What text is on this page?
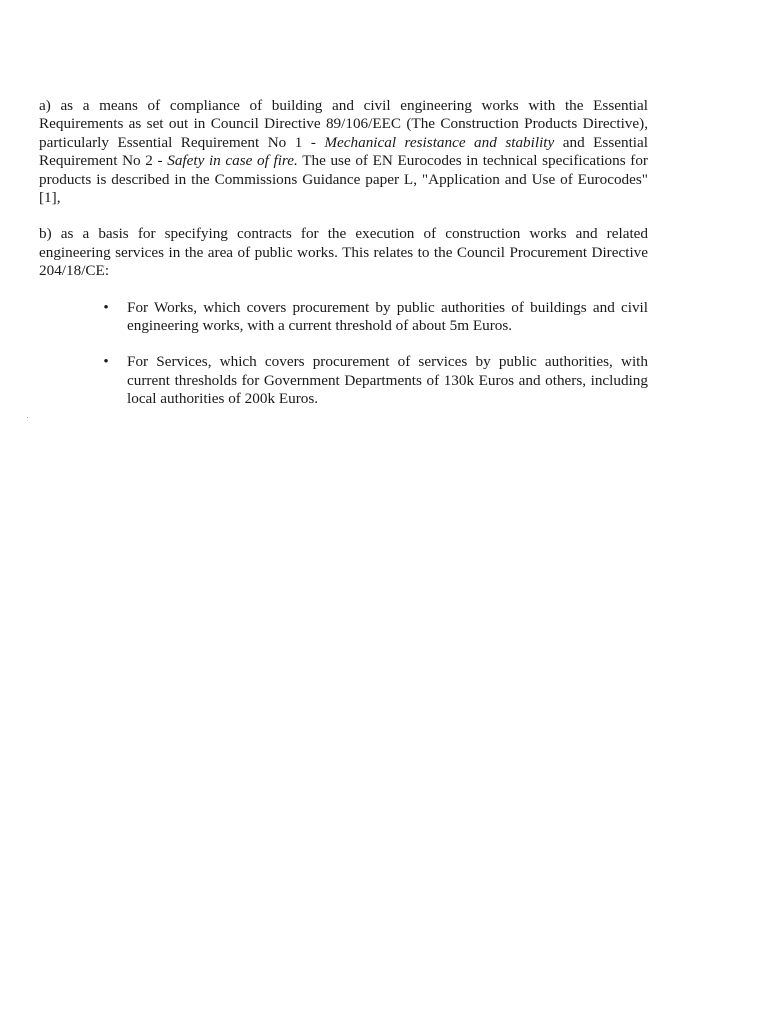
a) as a means of compliance of building and civil engineering works with the Essential Requirements as set out in Council Directive 89/106/EEC (The Construction Products Directive), particularly Essential Requirement No 1 - Mechanical resistance and stability and Essential Requirement No 2 - Safety in case of fire. The use of EN Eurocodes in technical specifications for products is described in the Commissions Guidance paper L, "Application and Use of Eurocodes" [1],

b) as a basis for specifying contracts for the execution of construction works and related engineering services in the area of public works. This relates to the Council Procurement Directive 204/18/CE:

• For Works, which covers procurement by public authorities of buildings and civil engineering works, with a current threshold of about 5m Euros.
• For Services, which covers procurement of services by public authorities, with current thresholds for Government Departments of 130k Euros and others, including local authorities of 200k Euros.
